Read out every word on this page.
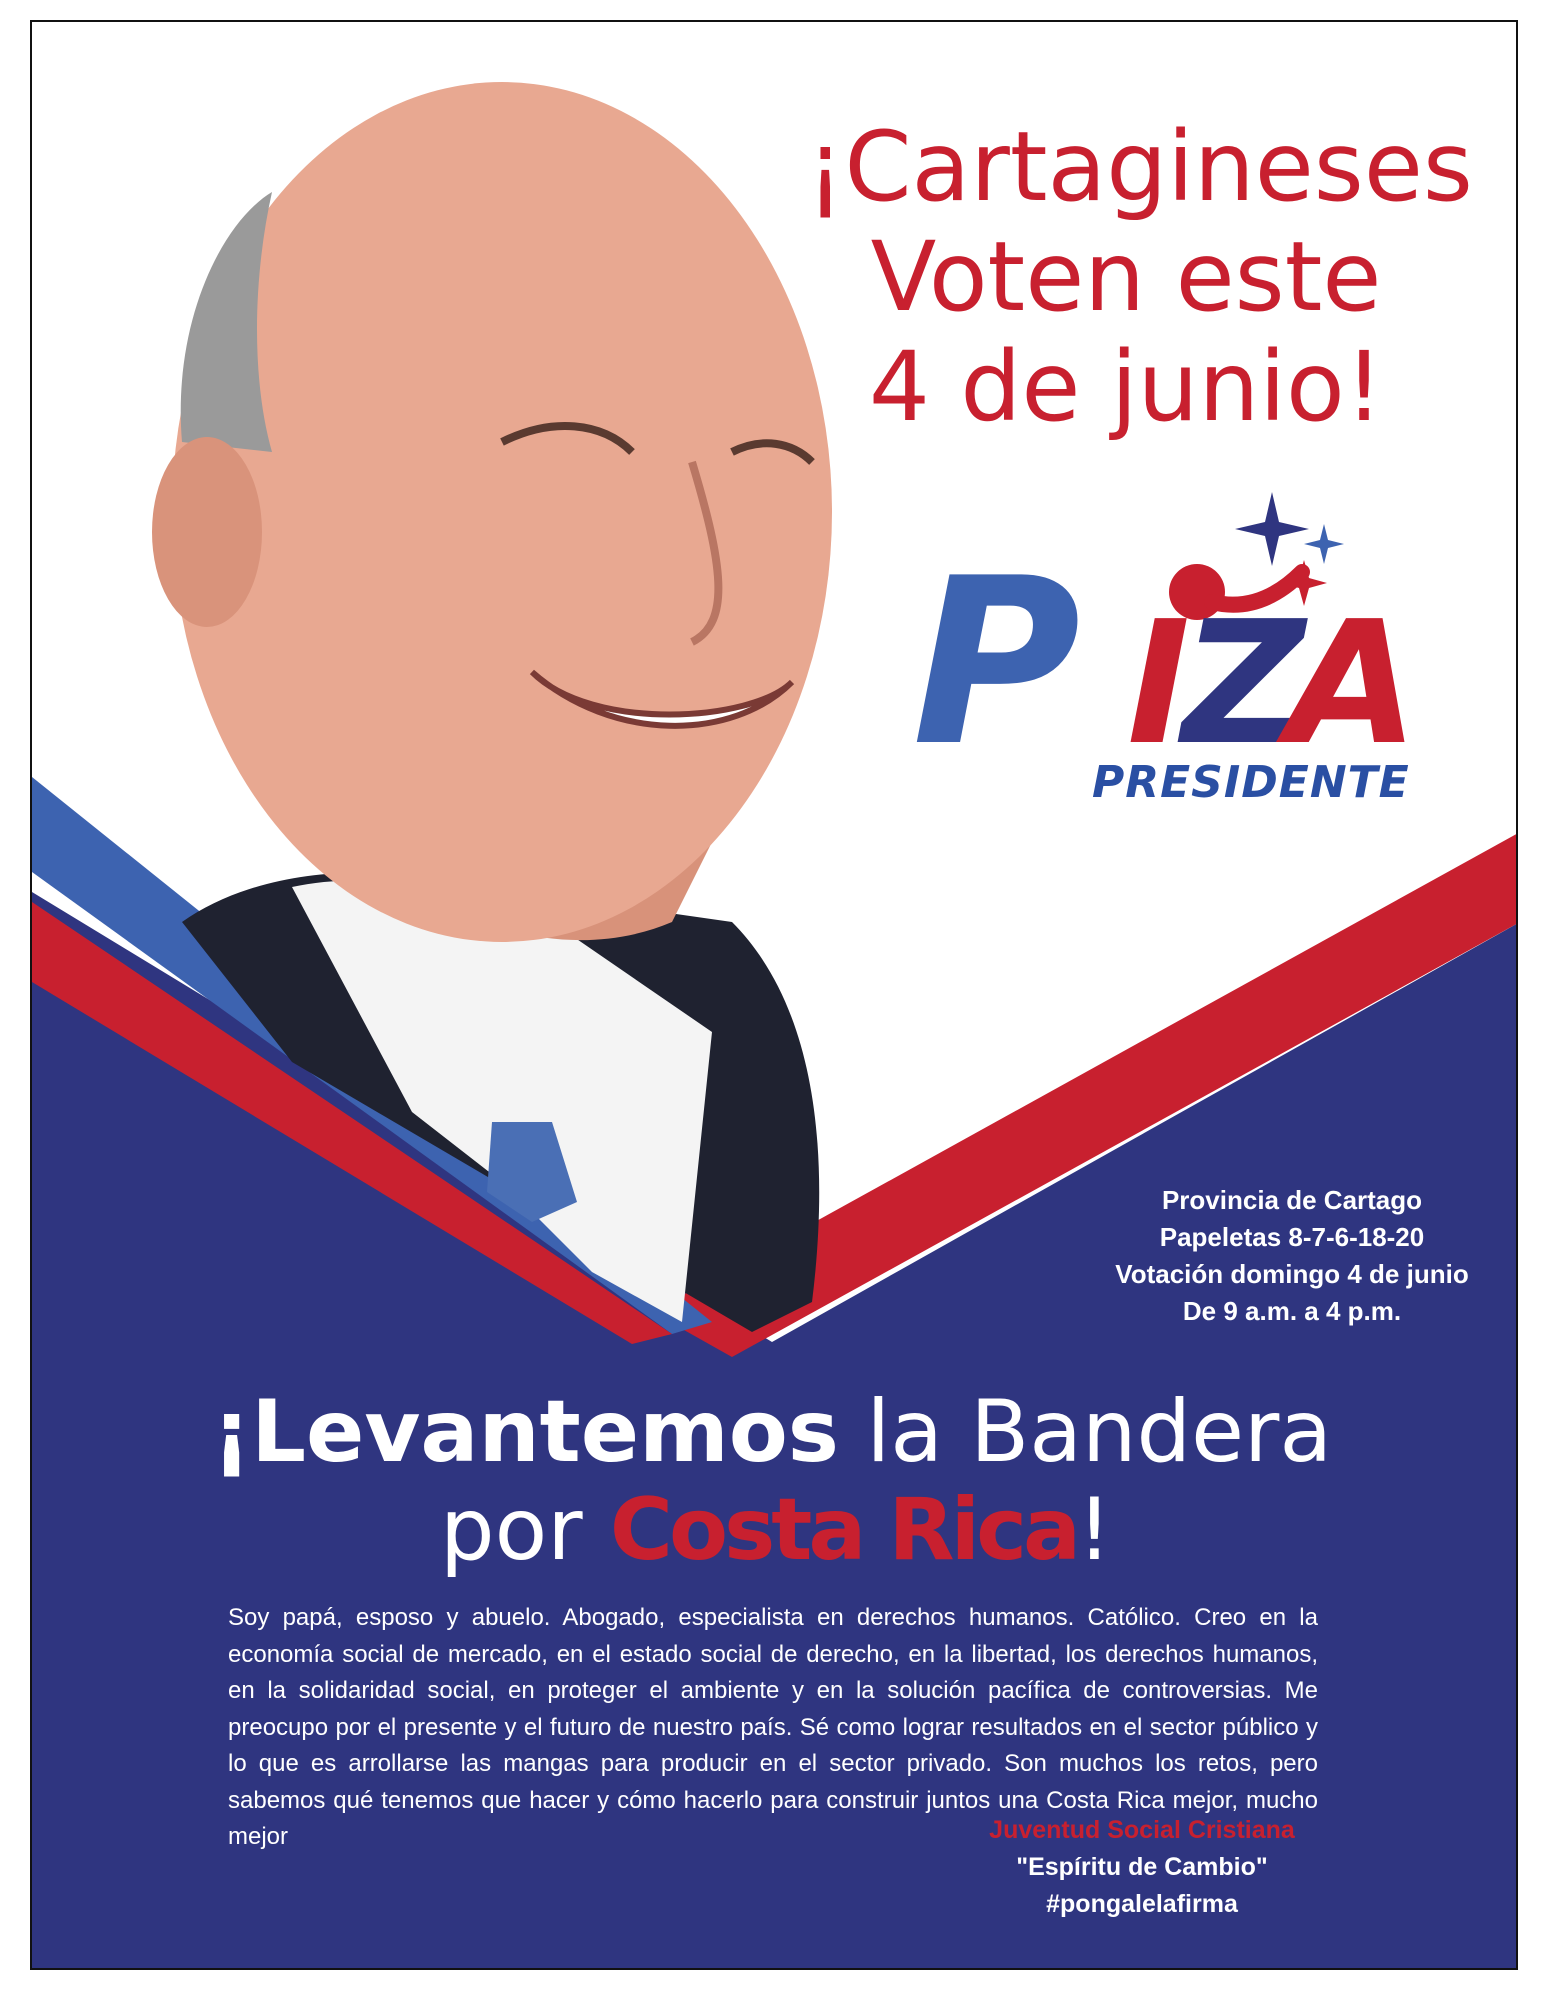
¡Cartagineses
Voten este
4 de junio!
P I
Z
A
PRESIDENTE
Provincia de Cartago
Papeletas 8-7-6-18-20
Votación domingo 4 de junio
De 9 a.m. a 4 p.m.
¡Levantemos la Bandera
por Costa Rica!
Soy papá, esposo y abuelo. Abogado, especialista en derechos humanos. Católico. Creo en la economía social de mercado, en el estado social de derecho, en la libertad, los derechos humanos, en la solidaridad social, en proteger el ambiente y en la solución pacífica de controversias. Me preocupo por el presente y el futuro de nuestro país. Sé como lograr resultados en el sector público y lo que es arrollarse las mangas para producir en el sector privado. Son muchos los retos, pero sabemos qué tenemos que hacer y cómo hacerlo para construir juntos una Costa Rica mejor, mucho mejor	Juventud Social Cristiana
"Espíritu de Cambio"
#pongalelafirma
